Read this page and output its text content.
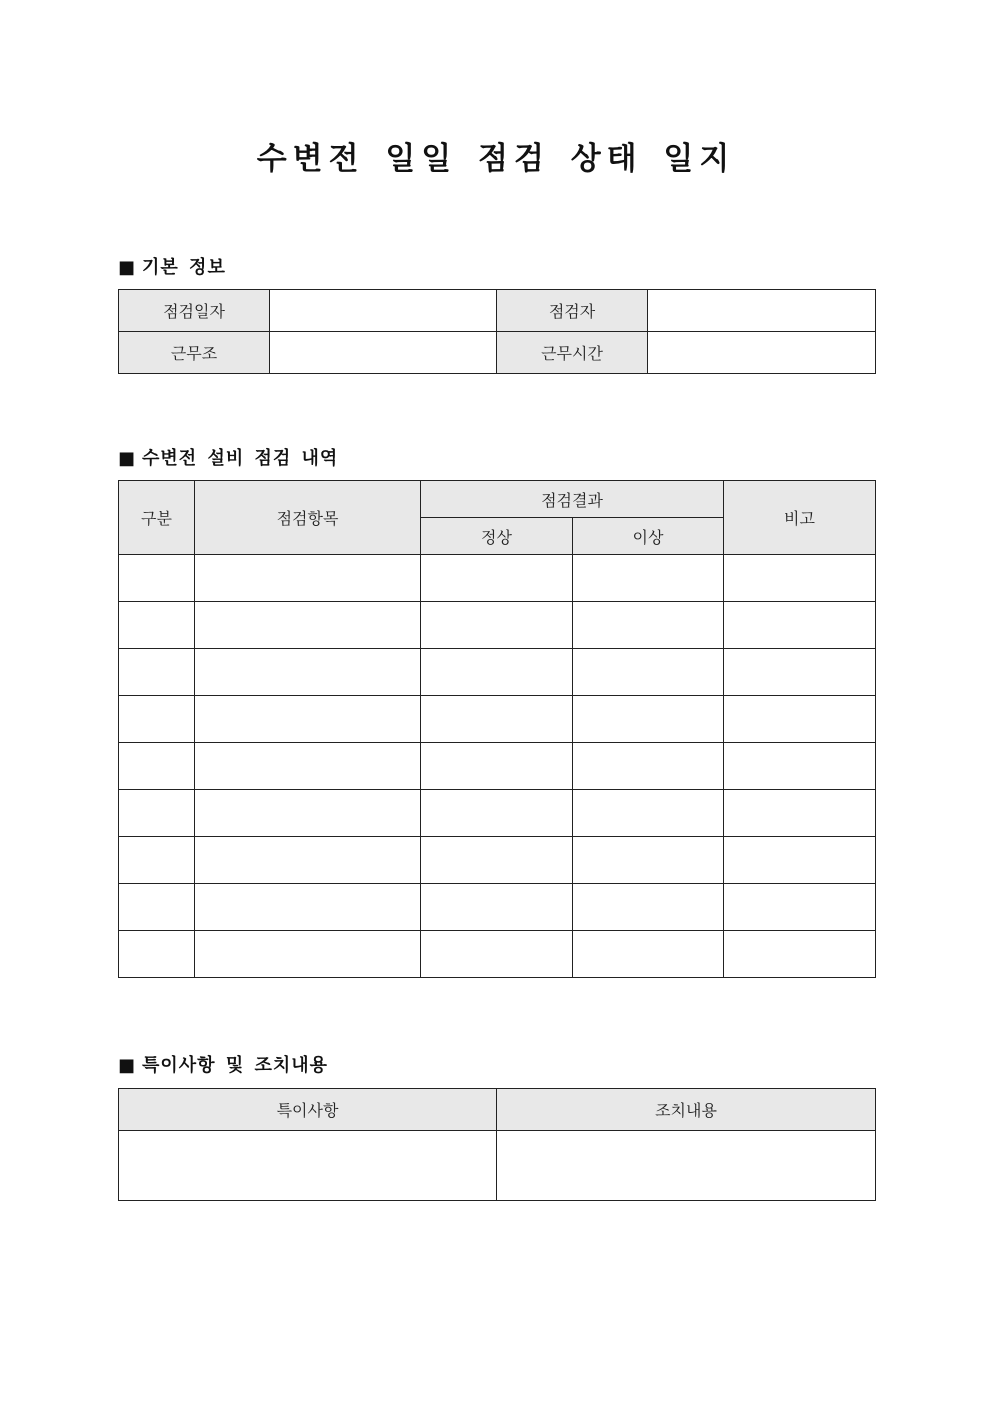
수변전 일일 점검 상태 일지
■ 기본 정보
점검일자		점검자	
근무조		근무시간	
■ 수변전 설비 점검 내역
구분	점검항목	점검결과		비고
		정상	이상	

■ 특이사항 및 조치내용
특이사항	조치내용
